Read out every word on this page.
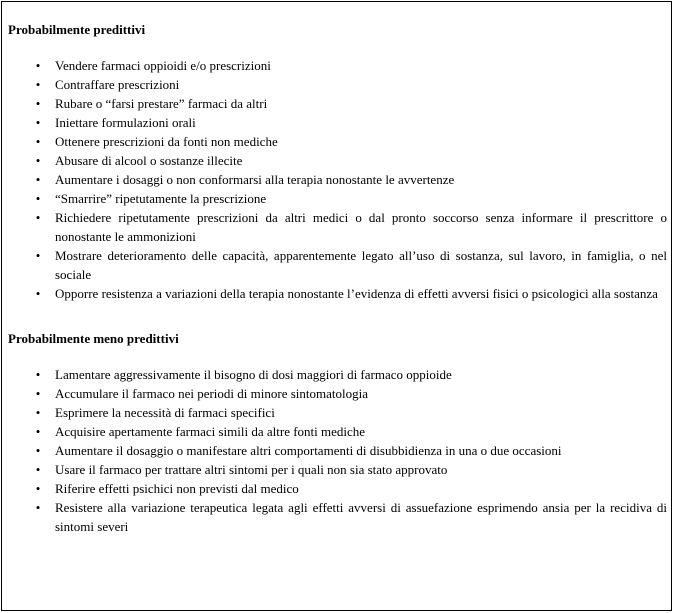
Probabilmente predittivi

• Vendere farmaci oppioidi e/o prescrizioni
• Contraffare prescrizioni
• Rubare o “farsi prestare” farmaci da altri
• Iniettare formulazioni orali
• Ottenere prescrizioni da fonti non mediche
• Abusare di alcool o sostanze illecite
• Aumentare i dosaggi o non conformarsi alla terapia nonostante le avvertenze
• “Smarrire” ripetutamente la prescrizione
• Richiedere ripetutamente prescrizioni da altri medici o dal pronto soccorso senza informare il prescrittore o nonostante le ammonizioni
• Mostrare deterioramento delle capacità, apparentemente legato all’uso di sostanza, sul lavoro, in famiglia, o nel sociale
• Opporre resistenza a variazioni della terapia nonostante l’evidenza di effetti avversi fisici o psicologici alla sostanza

Probabilmente meno predittivi

• Lamentare aggressivamente il bisogno di dosi maggiori di farmaco oppioide
• Accumulare il farmaco nei periodi di minore sintomatologia
• Esprimere la necessità di farmaci specifici
• Acquisire apertamente farmaci simili da altre fonti mediche
• Aumentare il dosaggio o manifestare altri comportamenti di disubbidienza in una o due occasioni
• Usare il farmaco per trattare altri sintomi per i quali non sia stato approvato
• Riferire effetti psichici non previsti dal medico
• Resistere alla variazione terapeutica legata agli effetti avversi di assuefazione esprimendo ansia per la recidiva di sintomi severi
